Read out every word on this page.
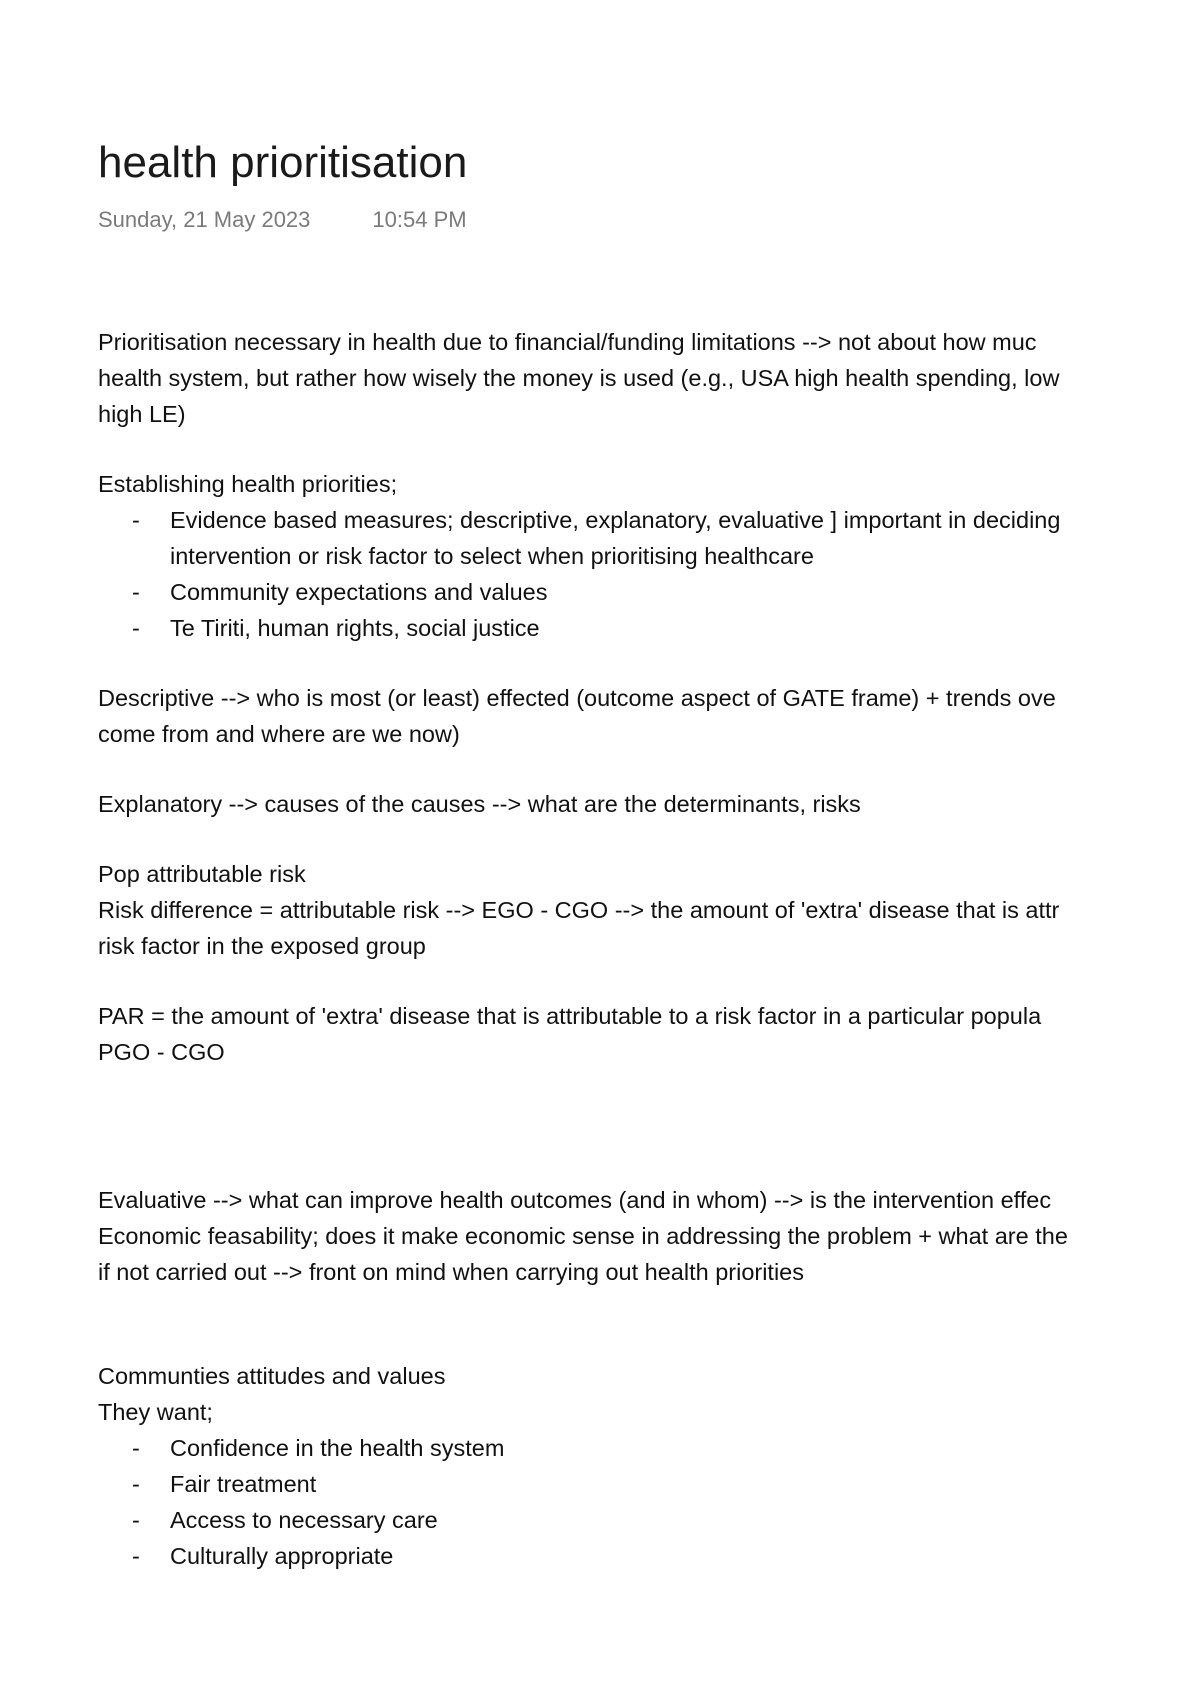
health prioritisation
Sunday, 21 May 2023	10:54 PM
Prioritisation necessary in health due to financial/funding limitations --> not about how muc
health system, but rather how wisely the money is used (e.g., USA high health spending, low
high LE)
Establishing health priorities;
- Evidence based measures; descriptive, explanatory, evaluative ] important in deciding
intervention or risk factor to select when prioritising healthcare
- Community expectations and values
- Te Tiriti, human rights, social justice
Descriptive --> who is most (or least) effected (outcome aspect of GATE frame) + trends ove
come from and where are we now)
Explanatory --> causes of the causes --> what are the determinants, risks
Pop attributable risk
Risk difference = attributable risk --> EGO - CGO --> the amount of 'extra' disease that is attr
risk factor in the exposed group
PAR = the amount of 'extra' disease that is attributable to a risk factor in a particular popula
PGO - CGO
Evaluative --> what can improve health outcomes (and in whom) --> is the intervention effec
Economic feasability; does it make economic sense in addressing the problem + what are the
if not carried out --> front on mind when carrying out health priorities
Communties attitudes and values
They want;
- Confidence in the health system
- Fair treatment
- Access to necessary care
- Culturally appropriate
